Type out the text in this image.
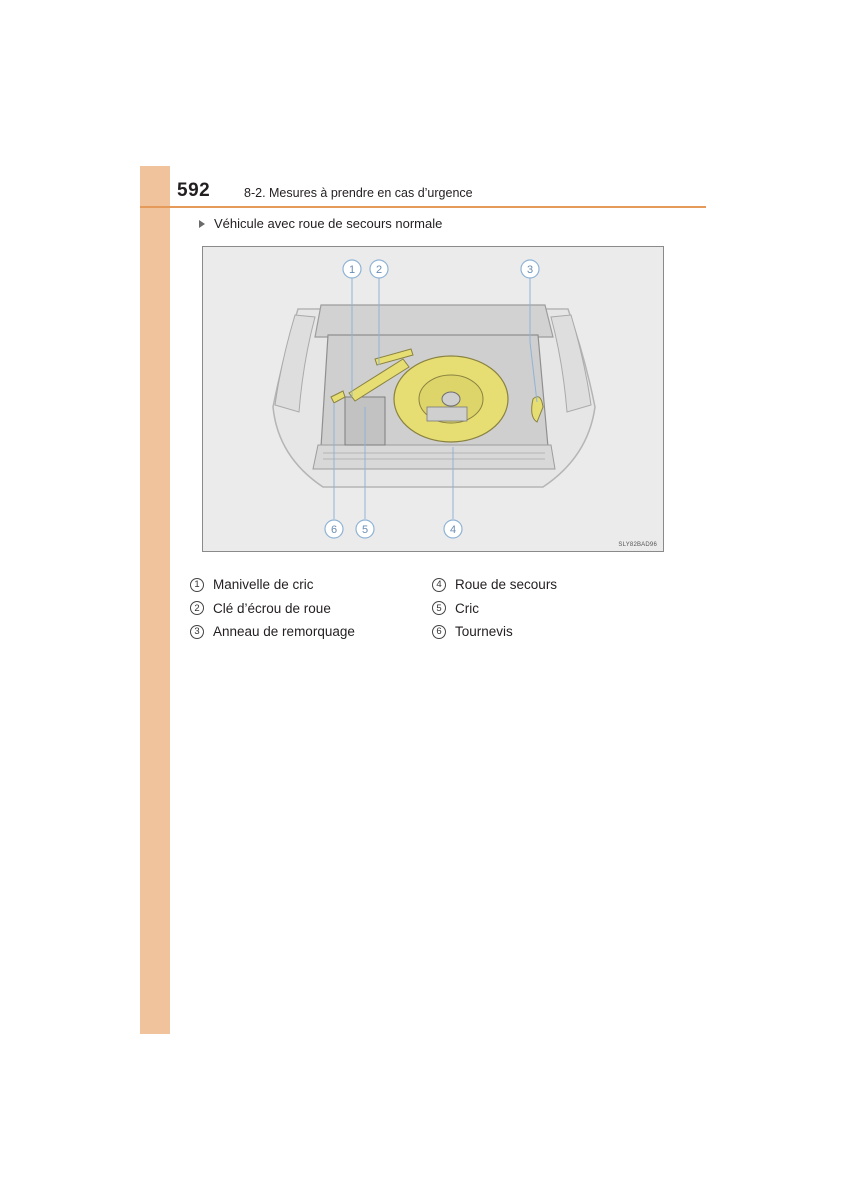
592	8-2. Mesures à prendre en cas d’urgence
Véhicule avec roue de secours normale
1 2	3
4
5
6
SLY82BAD96
1 Manivelle de cric
2 Clé d’écrou de roue
3 Anneau de remorquage
4 Roue de secours
5 Cric
6 Tournevis
